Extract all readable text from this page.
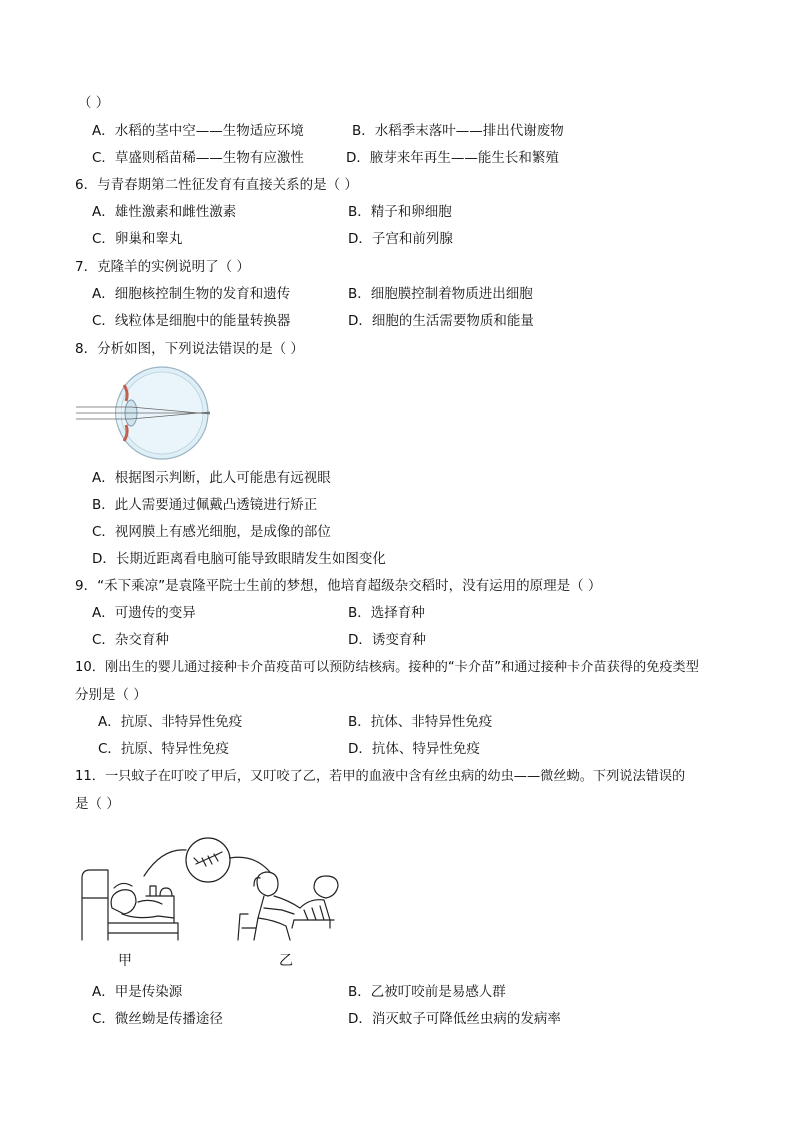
（ ）
A．水稻的茎中空——生物适应环境	B．水稻季末落叶——排出代谢废物
C．草盛则稻苗稀——生物有应激性	D．腋芽来年再生——能生长和繁殖
6．与青春期第二性征发育有直接关系的是（ ）
A．雄性激素和雌性激素	B．精子和卵细胞
C．卵巢和睾丸	D．子宫和前列腺
7．克隆羊的实例说明了（ ）
A．细胞核控制生物的发育和遗传	B．细胞膜控制着物质进出细胞
C．线粒体是细胞中的能量转换器	D．细胞的生活需要物质和能量
8．分析如图，下列说法错误的是（ ）
A．根据图示判断，此人可能患有远视眼
B．此人需要通过佩戴凸透镜进行矫正
C．视网膜上有感光细胞，是成像的部位
D．长期近距离看电脑可能导致眼睛发生如图变化
9．“禾下乘凉”是袁隆平院士生前的梦想，他培育超级杂交稻时，没有运用的原理是（ ）
A．可遗传的变异	B．选择育种
C．杂交育种	D．诱变育种
10．刚出生的婴儿通过接种卡介苗疫苗可以预防结核病。接种的“卡介苗”和通过接种卡介苗获得的免疫类型
分别是（ ）
A．抗原、非特异性免疫	B．抗体、非特异性免疫
C．抗原、特异性免疫	D．抗体、特异性免疫
11．一只蚊子在叮咬了甲后，又叮咬了乙，若甲的血液中含有丝虫病的幼虫——微丝蚴。下列说法错误的
是（ ）
甲	乙
A．甲是传染源	B．乙被叮咬前是易感人群
C．微丝蚴是传播途径	D．消灭蚊子可降低丝虫病的发病率
